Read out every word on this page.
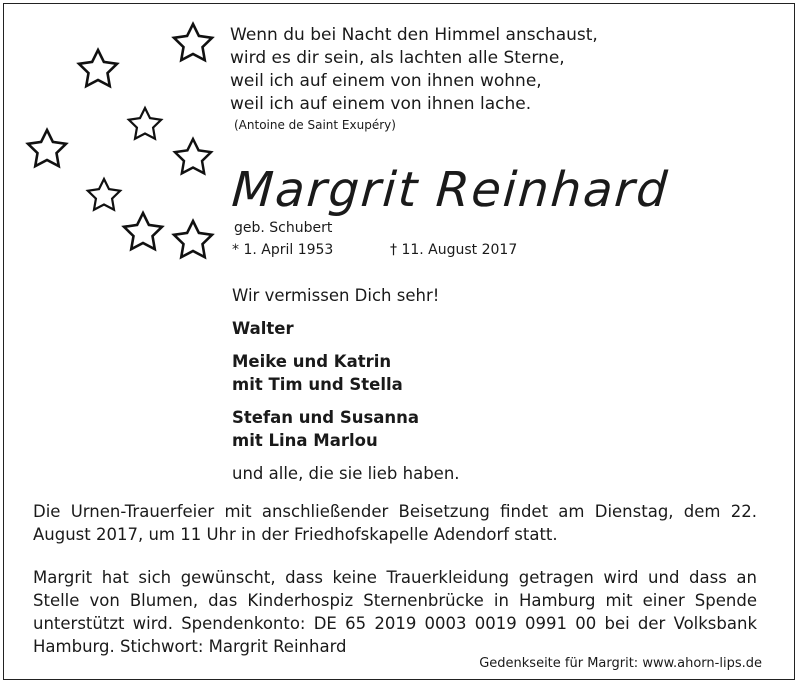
Wenn du bei Nacht den Himmel anschaust,
wird es dir sein, als lachten alle Sterne,
weil ich auf einem von ihnen wohne,
weil ich auf einem von ihnen lache.

(Antoine de Saint Exupéry)

Margrit Reinhard

geb. Schubert

* 1. April 1953	† 11. August 2017

Wir vermissen Dich sehr!
Walter
Meike und Katrin
mit Tim und Stella
Stefan und Susanna
mit Lina Marlou
und alle, die sie lieb haben.

Die Urnen-Trauerfeier mit anschließender Beisetzung findet am Dienstag, dem 22. August 2017, um 11 Uhr in der Friedhofskapelle Adendorf statt.

Margrit hat sich gewünscht, dass keine Trauerkleidung getragen wird und dass an Stelle von Blumen, das Kinderhospiz Sternenbrücke in Hamburg mit einer Spende unterstützt wird. Spendenkonto: DE 65 2019 0003 0019 0991 00 bei der Volksbank Hamburg. Stichwort: Margrit Reinhard

Gedenkseite für Margrit: www.ahorn-lips.de
